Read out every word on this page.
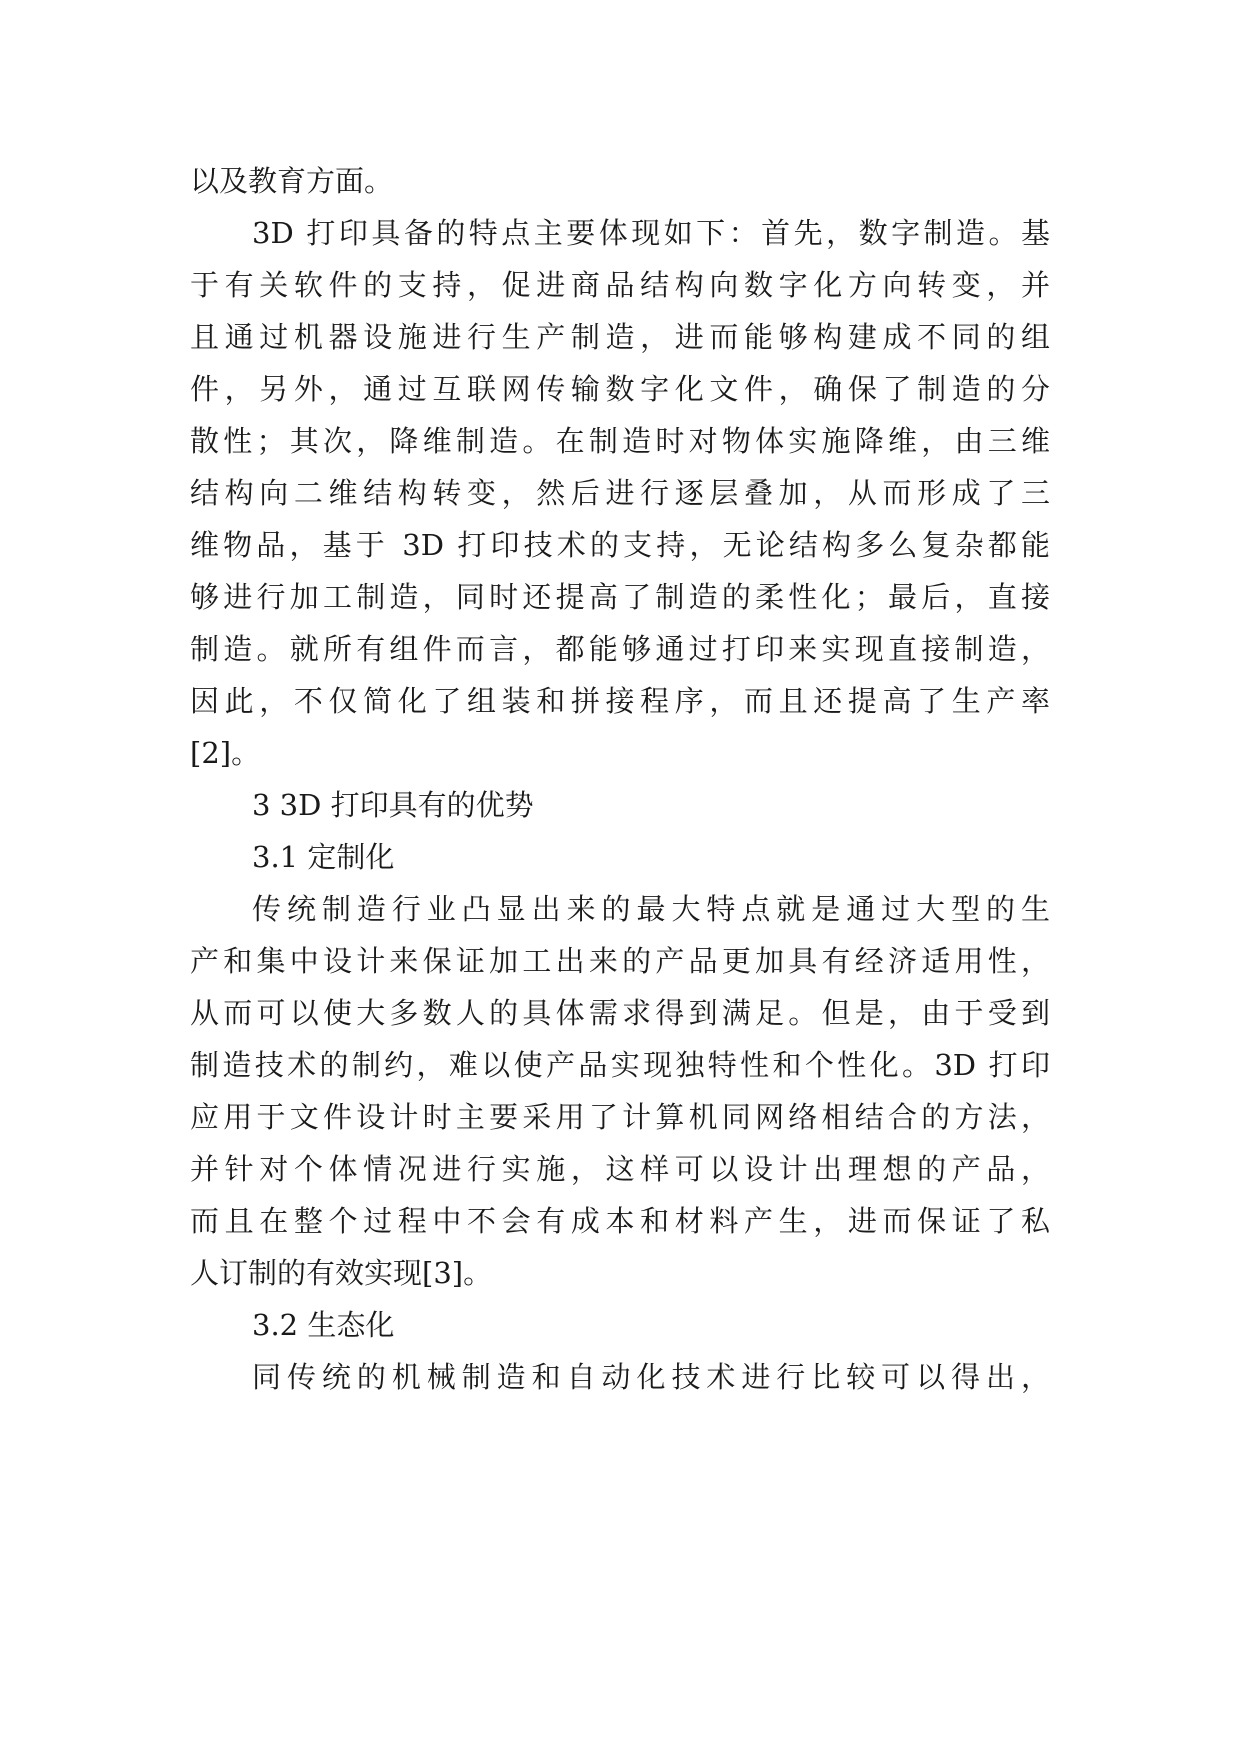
以及教育方面。
3D 打印具备的特点主要体现如下：首先，数字制造。基
于有关软件的支持，促进商品结构向数字化方向转变，并
且通过机器设施进行生产制造，进而能够构建成不同的组
件，另外，通过互联网传输数字化文件，确保了制造的分
散性；其次，降维制造。在制造时对物体实施降维，由三维
结构向二维结构转变，然后进行逐层叠加，从而形成了三
维物品，基于 3D 打印技术的支持，无论结构多么复杂都能
够进行加工制造，同时还提高了制造的柔性化；最后，直接
制造。就所有组件而言，都能够通过打印来实现直接制造，
因此，不仅简化了组装和拼接程序，而且还提高了生产率
[2]。
3 3D 打印具有的优势
3.1 定制化
传统制造行业凸显出来的最大特点就是通过大型的生
产和集中设计来保证加工出来的产品更加具有经济适用性，
从而可以使大多数人的具体需求得到满足。但是，由于受到
制造技术的制约，难以使产品实现独特性和个性化。3D 打印
应用于文件设计时主要采用了计算机同网络相结合的方法，
并针对个体情况进行实施，这样可以设计出理想的产品，
而且在整个过程中不会有成本和材料产生，进而保证了私
人订制的有效实现[3]。
3.2 生态化
同传统的机械制造和自动化技术进行比较可以得出，
